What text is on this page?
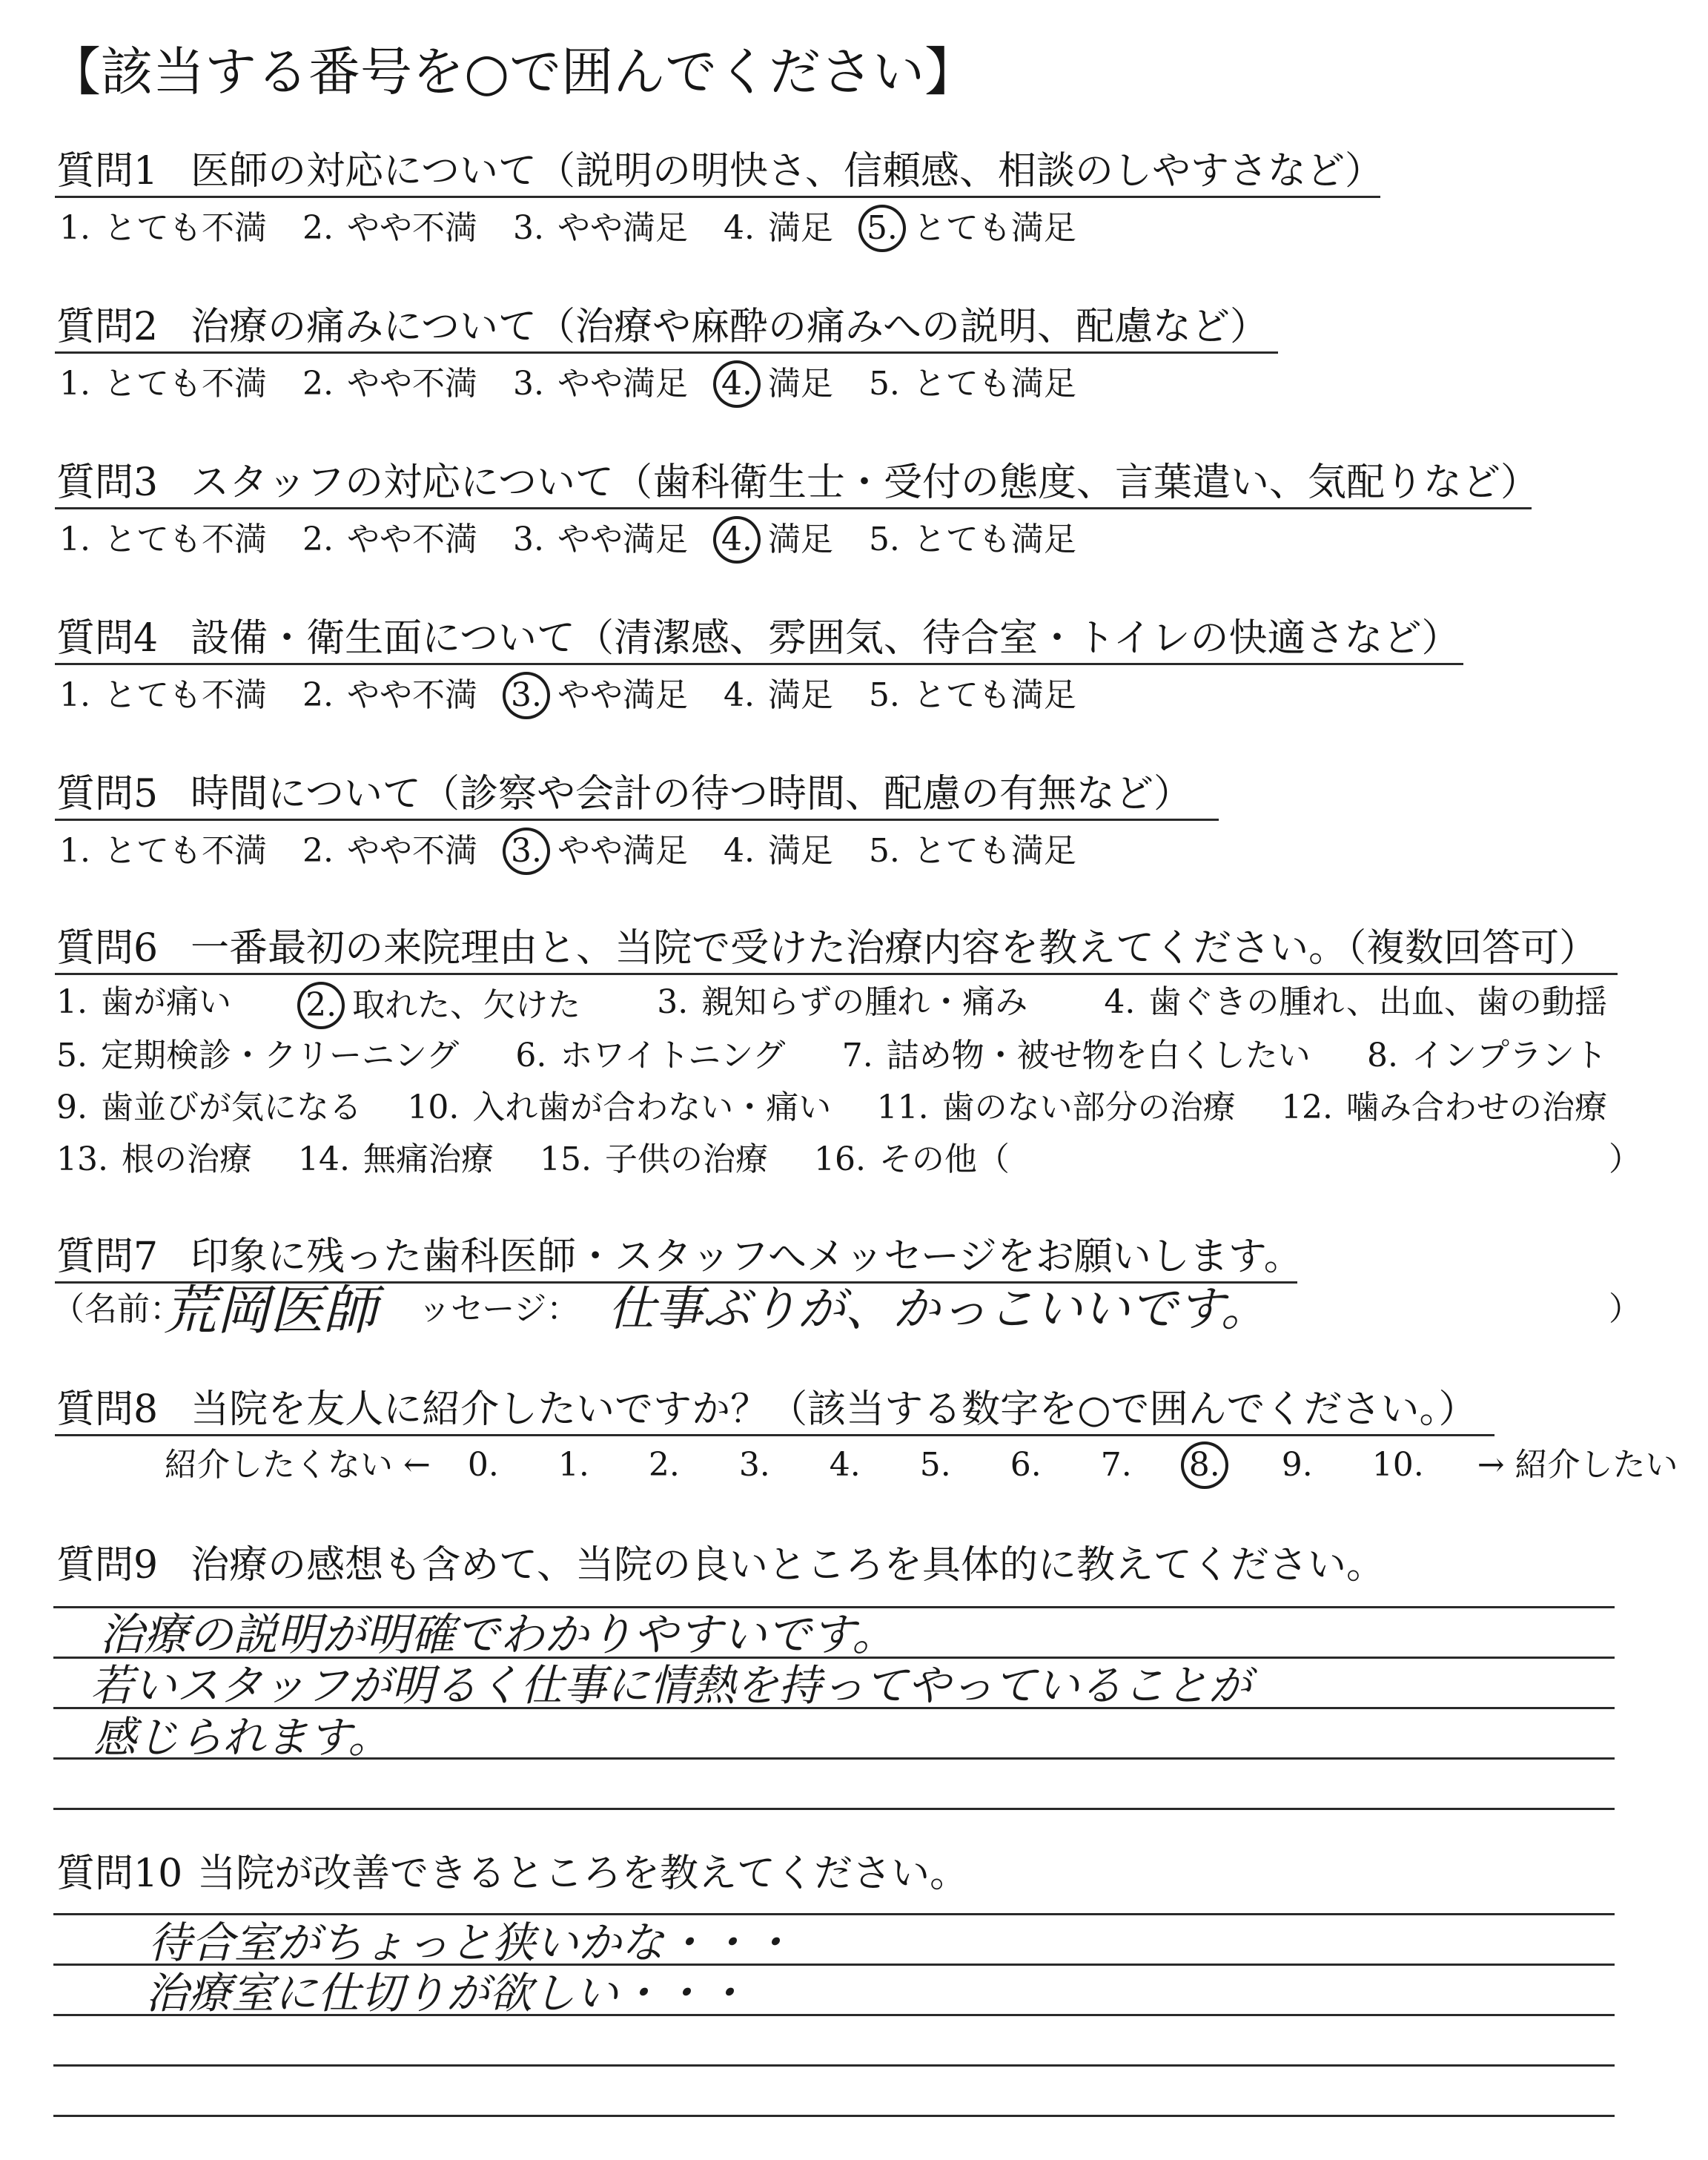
【該当する番号を○で囲んでください】
質問1 医師の対応について（説明の明快さ、信頼感、相談のしやすさなど）
1. とても不満 2. やや不満 3. やや満足 4. 満足 5. とても満足
質問2 治療の痛みについて（治療や麻酔の痛みへの説明、配慮など）
1. とても不満 2. やや不満 3. やや満足 4. 満足 5. とても満足
質問3 スタッフの対応について（歯科衛生士・受付の態度、言葉遣い、気配りなど）
1. とても不満 2. やや不満 3. やや満足 4. 満足 5. とても満足
質問4 設備・衛生面について（清潔感、雰囲気、待合室・トイレの快適さなど）
1. とても不満 2. やや不満 3. やや満足 4. 満足 5. とても満足
質問5 時間について（診察や会計の待つ時間、配慮の有無など）
1. とても不満 2. やや不満 3. やや満足 4. 満足 5. とても満足
質問6 一番最初の来院理由と、当院で受けた治療内容を教えてください。（複数回答可）
1. 歯が痛い 2. 取れた、欠けた 3. 親知らずの腫れ・痛み 4. 歯ぐきの腫れ、出血、歯の動揺
5. 定期検診・クリーニング 6. ホワイトニング 7. 詰め物・被せ物を白くしたい 8. インプラント
9. 歯並びが気になる 10. 入れ歯が合わない・痛い 11. 歯のない部分の治療 12. 噛み合わせの治療
13. 根の治療 14. 無痛治療 15. 子供の治療 16. その他（	）
質問7 印象に残った歯科医師・スタッフへメッセージをお願いします。
（名前：
荒岡医師 ッセージ： 仕事ぶりが、かっこいいです。	）
質問8 当院を友人に紹介したいですか？（該当する数字を○で囲んでください。）
紹介したくない ← 0. 1. 2. 3. 4. 5. 6. 7. 8. 9. 10. → 紹介したい
質問9 治療の感想も含めて、当院の良いところを具体的に教えてください。
治療の説明が明確でわかりやすいです。
若いスタッフが明るく仕事に情熱を持ってやっていることが
感じられます。
質問10 当院が改善できるところを教えてください。
待合室がちょっと狭いかな・・・
治療室に仕切りが欲しい・・・
